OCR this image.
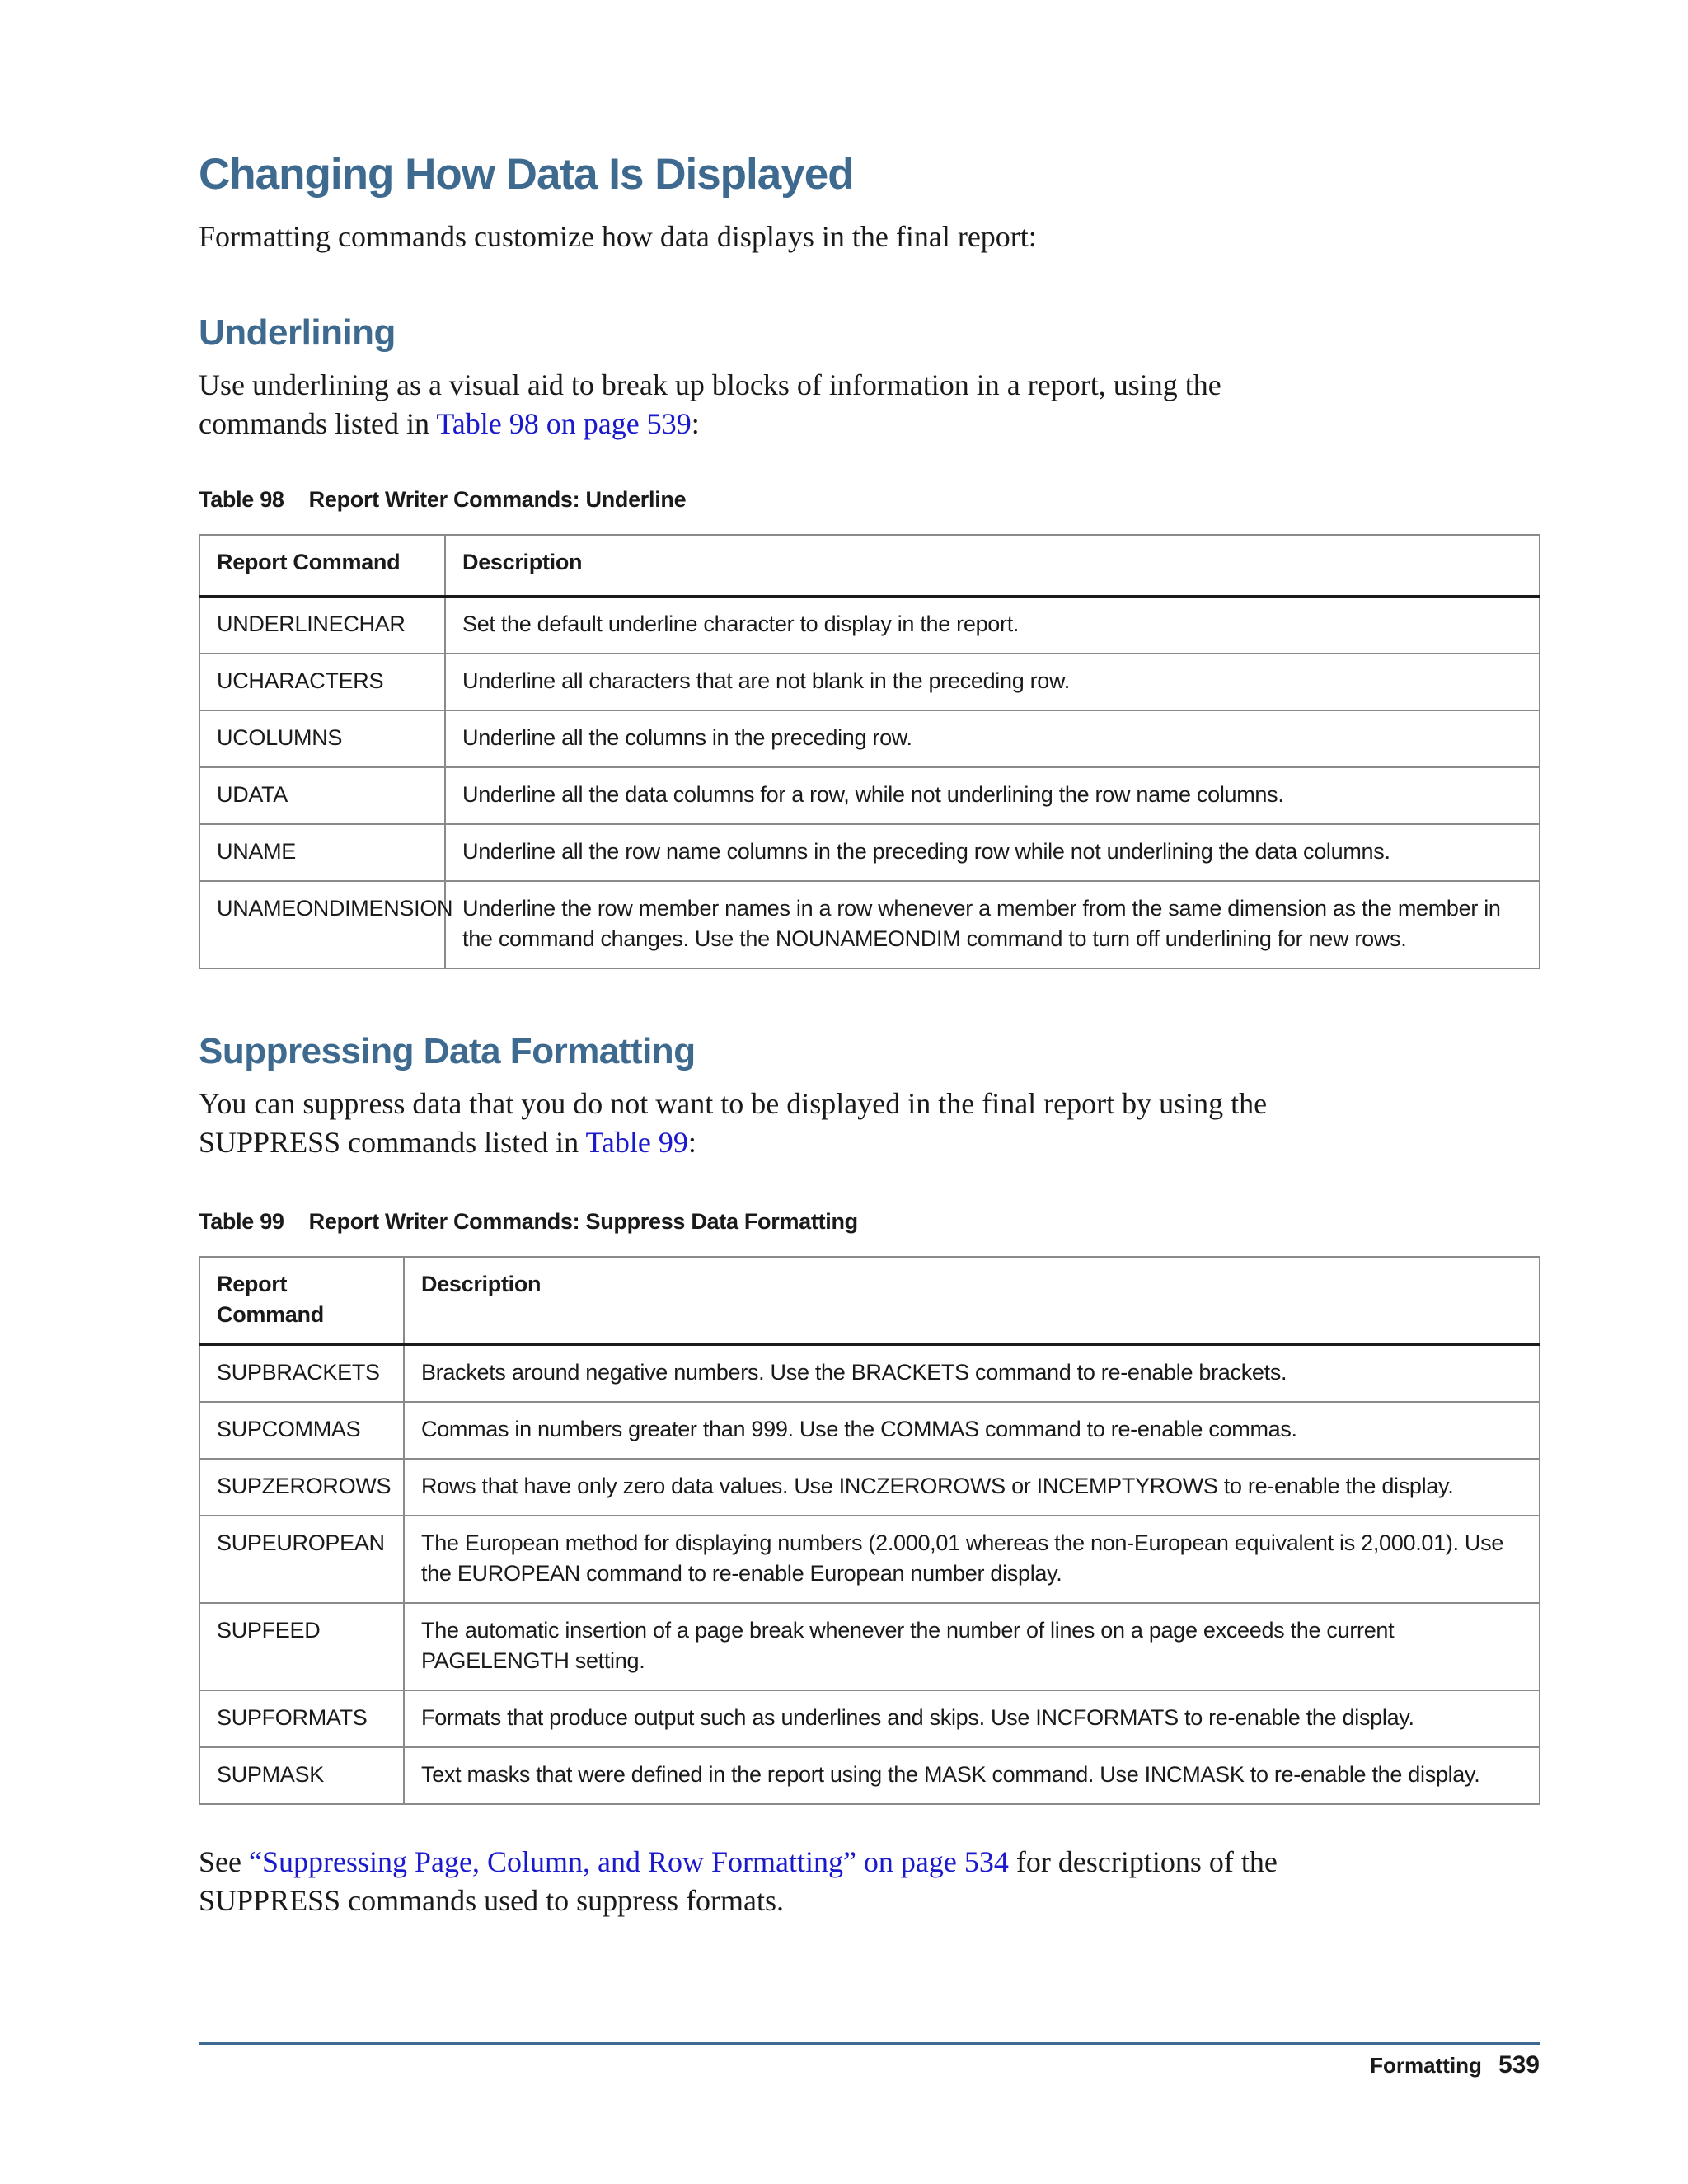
Changing How Data Is Displayed

Formatting commands customize how data displays in the final report:

Underlining

Use underlining as a visual aid to break up blocks of information in a report, using the commands listed in Table 98 on page 539:

Table 98 Report Writer Commands: Underline
Report Command	Description
UNDERLINECHAR	Set the default underline character to display in the report.
UCHARACTERS	Underline all characters that are not blank in the preceding row.
UCOLUMNS	Underline all the columns in the preceding row.
UDATA	Underline all the data columns for a row, while not underlining the row name columns.
UNAME	Underline all the row name columns in the preceding row while not underlining the data columns.
UNAMEONDIMENSION	Underline the row member names in a row whenever a member from the same dimension as the member in the command changes. Use the NOUNAMEONDIM command to turn off underlining for new rows.
Suppressing Data Formatting

You can suppress data that you do not want to be displayed in the final report by using the
SUPPRESS commands listed in Table 99:

Table 99 Report Writer Commands: Suppress Data Formatting
Report Command	Description
SUPBRACKETS	Brackets around negative numbers. Use the BRACKETS command to re-enable brackets.
SUPCOMMAS	Commas in numbers greater than 999. Use the COMMAS command to re-enable commas.
SUPZEROROWS	Rows that have only zero data values. Use INCZEROROWS or INCEMPTYROWS to re-enable the display.
SUPEUROPEAN	The European method for displaying numbers (2.000,01 whereas the non-European equivalent is 2,000.01). Use the EUROPEAN command to re-enable European number display.
SUPFEED	The automatic insertion of a page break whenever the number of lines on a page exceeds the current PAGELENGTH setting.
SUPFORMATS	Formats that produce output such as underlines and skips. Use INCFORMATS to re-enable the display.
SUPMASK	Text masks that were defined in the report using the MASK command. Use INCMASK to re-enable the display.

See “Suppressing Page, Column, and Row Formatting” on page 534 for descriptions of the
SUPPRESS commands used to suppress formats.

Formatting 539
